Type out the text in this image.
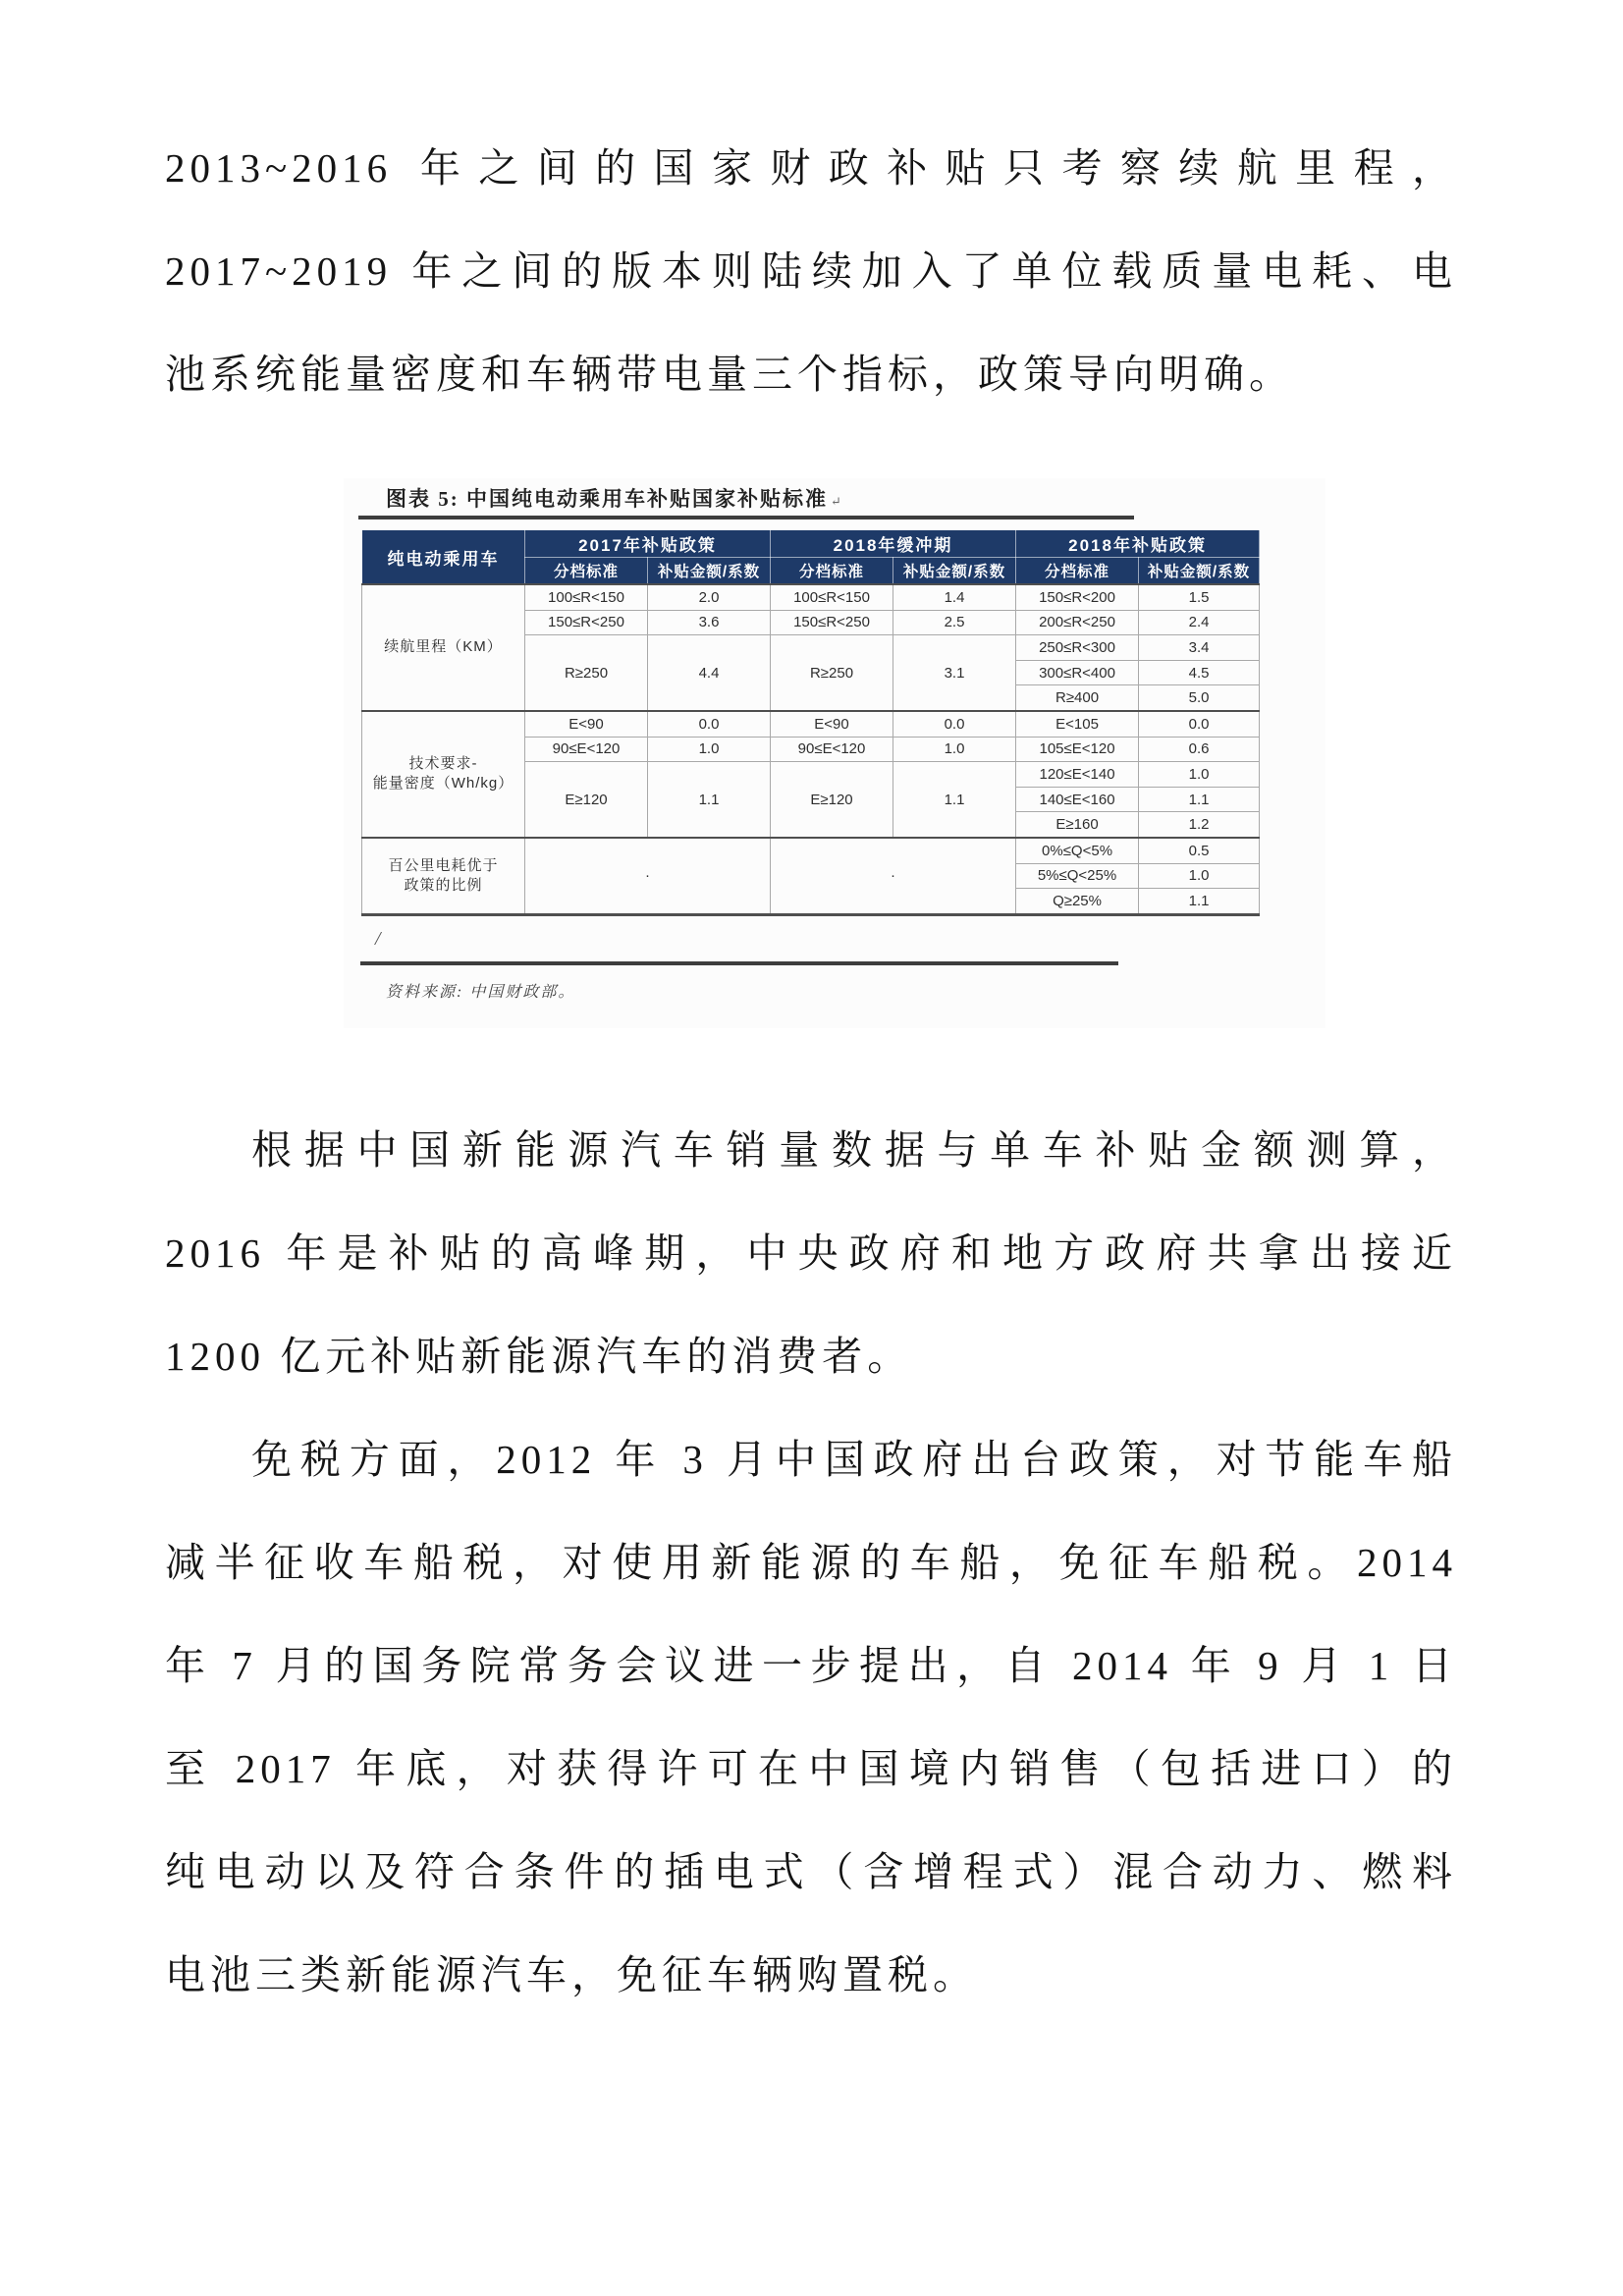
2013~2016 年之间的国家财政补贴只考察续航里程，
2017~2019 年之间的版本则陆续加入了单位载质量电耗、电
池系统能量密度和车辆带电量三个指标，政策导向明确。
图表 5: 中国纯电动乘用车补贴国家补贴标准 ↵
纯电动乘用车	2017年补贴政策		2018年缓冲期		2018年补贴政策	
	分档标准	补贴金额/系数	分档标准	补贴金额/系数	分档标准	补贴金额/系数
续航里程（KM）	100≤R<150	2.0	100≤R<150	1.4	150≤R<200	1.5
	150≤R<250	3.6	150≤R<250	2.5	200≤R<250	2.4
	R≥250	4.4	R≥250	3.1	250≤R<300	3.4
					300≤R<400	4.5
					R≥400	5.0
技术要求-
能量密度（Wh/kg）	E<90	0.0	E<90	0.0	E<105	0.0
	90≤E<120	1.0	90≤E<120	1.0	105≤E<120	0.6
	E≥120	1.1	E≥120	1.1	120≤E<140	1.0
					140≤E<160	1.1
					E≥160	1.2
百公里电耗优于
政策的比例	·		·		0%≤Q<5%	0.5
					5%≤Q<25%	1.0
					Q≥25%	1.1
/
资料来源: 中国财政部。
根据中国新能源汽车销量数据与单车补贴金额测算，
2016 年是补贴的高峰期，中央政府和地方政府共拿出接近
1200 亿元补贴新能源汽车的消费者。
免税方面，2012 年 3 月中国政府出台政策，对节能车船
减半征收车船税，对使用新能源的车船，免征车船税。2014
年 7 月的国务院常务会议进一步提出，自 2014 年 9 月 1 日
至 2017 年底，对获得许可在中国境内销售（包括进口）的
纯电动以及符合条件的插电式（含增程式）混合动力、燃料
电池三类新能源汽车，免征车辆购置税。
